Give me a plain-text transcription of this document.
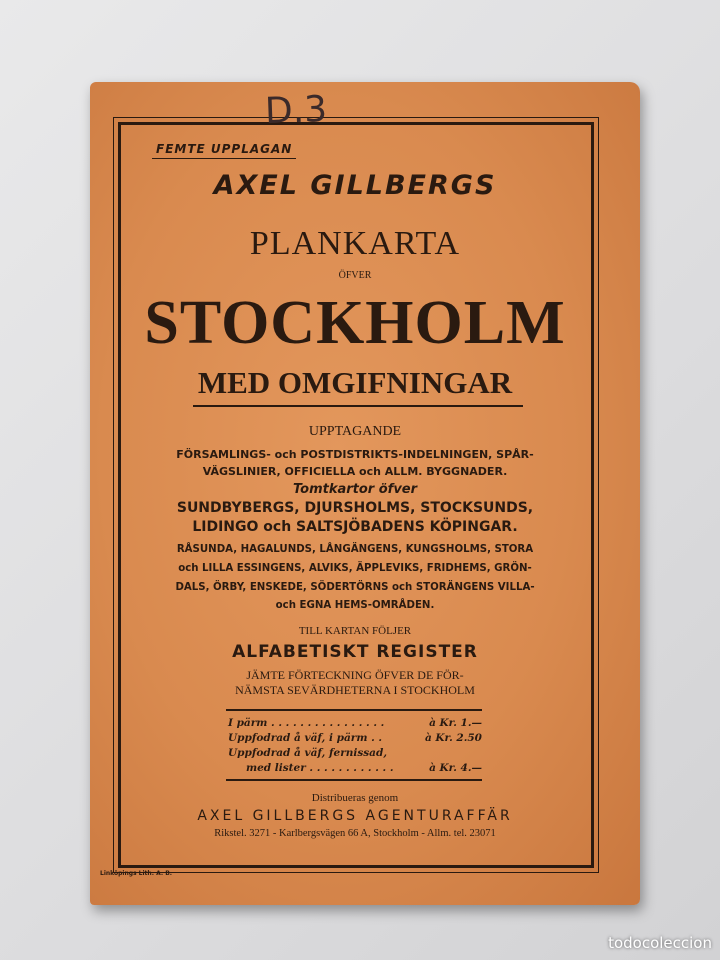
D.3
FEMTE UPPLAGAN
AXEL GILLBERGS
PLANKARTA
ÖFVER
STOCKHOLM
MED OMGIFNINGAR
UPPTAGANDE
FÖRSAMLINGS- och POSTDISTRIKTS-INDELNINGEN, SPÅR-
VÄGSLINIER, OFFICIELLA och ALLM. BYGGNADER.
Tomtkartor öfver
SUNDBYBERGS, DJURSHOLMS, STOCKSUNDS,
LIDINGO och SALTSJÖBADENS KÖPINGAR.
RÅSUNDA, HAGALUNDS, LÅNGÄNGENS, KUNGSHOLMS, STORA
och LILLA ESSINGENS, ALVIKS, ÄPPLEVIKS, FRIDHEMS, GRÖN-
DALS, ÖRBY, ENSKEDE, SÖDERTÖRNS och STORÄNGENS VILLA-
och EGNA HEMS-OMRÅDEN.
TILL KARTAN FÖLJER
ALFABETISKT REGISTER
JÄMTE FÖRTECKNING ÖFVER DE FÖR-
NÄMSTA SEVÄRDHETERNA I STOCKHOLM
I pärm . . . . . . . . . . . . . . . .	à Kr. 1.—
Uppfodrad å väf, i pärm . .	à Kr. 2.50
Uppfodrad å väf, fernissad,
med lister . . . . . . . . . . . .	à Kr. 4.—
Distribueras genom
AXEL GILLBERGS AGENTURAFFÄR
Rikstel. 3271 - Karlbergsvägen 66 A, Stockholm - Allm. tel. 23071
Linköpings Lith. A. B.
todocoleccion
